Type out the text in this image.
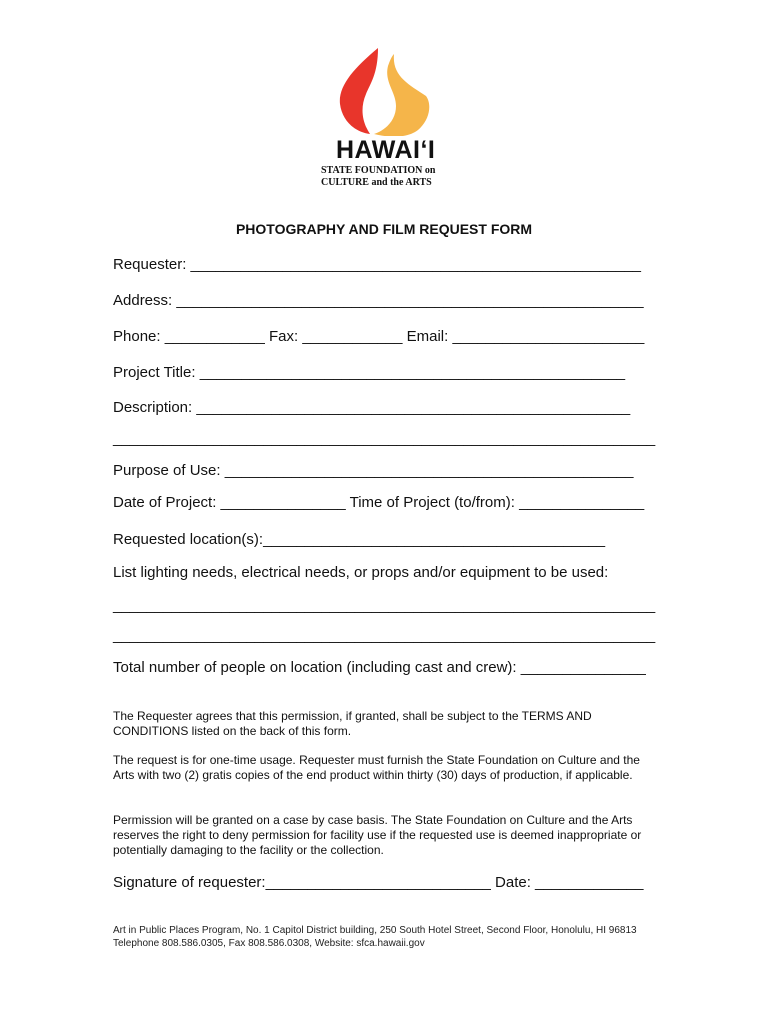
HAWAI‘I
STATE FOUNDATION on
CULTURE and the ARTS
PHOTOGRAPHY AND FILM REQUEST FORM
Requester: ______________________________________________________
Address: ________________________________________________________
Phone: ____________ Fax: ____________ Email: _______________________
Project Title: ___________________________________________________
Description: ____________________________________________________
_________________________________________________________________
Purpose of Use: _________________________________________________
Date of Project: _______________ Time of Project (to/from): _______________
Requested location(s):_________________________________________
List lighting needs, electrical needs, or props and/or equipment to be used:
_________________________________________________________________
_________________________________________________________________
Total number of people on location (including cast and crew): _______________
The Requester agrees that this permission, if granted, shall be subject to the TERMS AND CONDITIONS listed on the back of this form.
The request is for one-time usage. Requester must furnish the State Foundation on Culture and the Arts with two (2) gratis copies of the end product within thirty (30) days of production, if applicable.
Permission will be granted on a case by case basis. The State Foundation on Culture and the Arts reserves the right to deny permission for facility use if the requested use is deemed inappropriate or potentially damaging to the facility or the collection.
Signature of requester:___________________________ Date: _____________
Art in Public Places Program, No. 1 Capitol District building, 250 South Hotel Street, Second Floor, Honolulu, HI 96813
Telephone 808.586.0305, Fax 808.586.0308, Website: sfca.hawaii.gov
